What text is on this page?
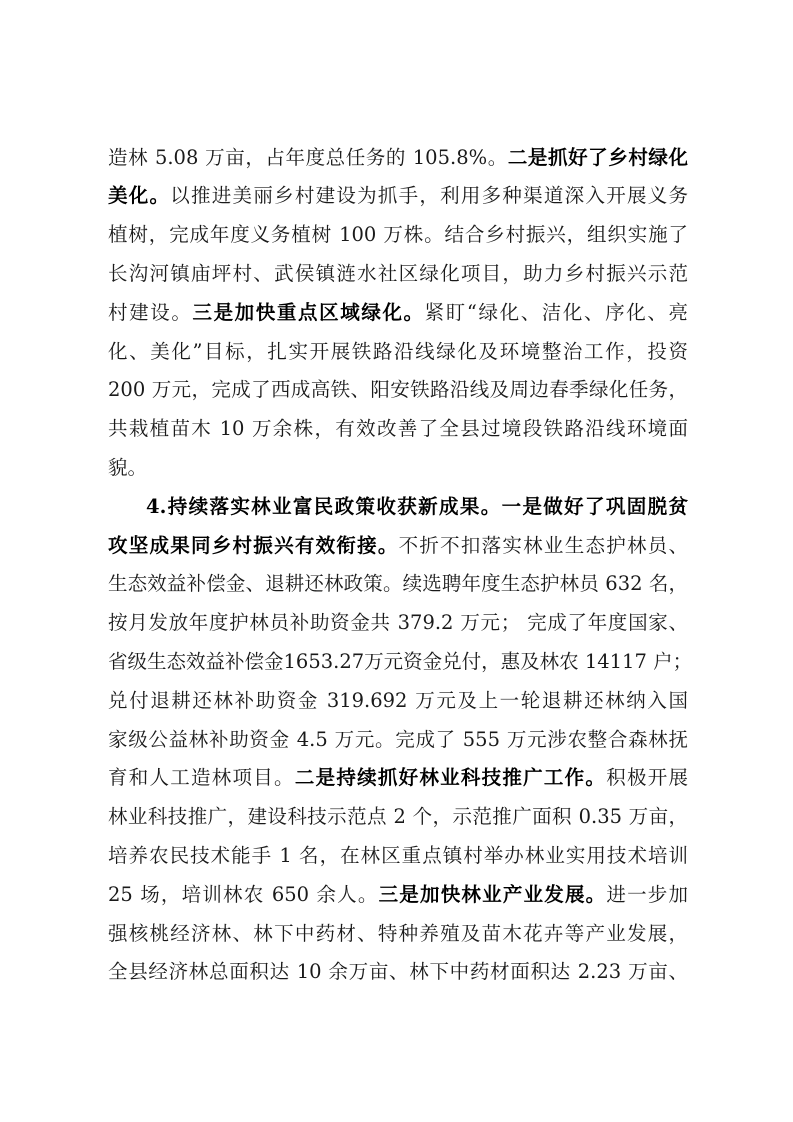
造林 5.08 万亩，占年度总任务的 105.8%。二是抓好了乡村绿化
美化。以推进美丽乡村建设为抓手，利用多种渠道深入开展义务
植树，完成年度义务植树 100 万株。结合乡村振兴，组织实施了
长沟河镇庙坪村、武侯镇涟水社区绿化项目，助力乡村振兴示范
村建设。三是加快重点区域绿化。紧盯“绿化、洁化、序化、亮
化、美化”目标，扎实开展铁路沿线绿化及环境整治工作，投资
200 万元，完成了西成高铁、阳安铁路沿线及周边春季绿化任务，
共栽植苗木 10 万余株，有效改善了全县过境段铁路沿线环境面
貌。
4.持续落实林业富民政策收获新成果。一是做好了巩固脱贫
攻坚成果同乡村振兴有效衔接。不折不扣落实林业生态护林员、
生态效益补偿金、退耕还林政策。续选聘年度生态护林员 632 名，
按月发放年度护林员补助资金共 379.2 万元； 完成了年度国家、
省级生态效益补偿金1653.27万元资金兑付，惠及林农 14117 户；
兑付退耕还林补助资金 319.692 万元及上一轮退耕还林纳入国
家级公益林补助资金 4.5 万元。完成了 555 万元涉农整合森林抚
育和人工造林项目。二是持续抓好林业科技推广工作。积极开展
林业科技推广，建设科技示范点 2 个，示范推广面积 0.35 万亩，
培养农民技术能手 1 名，在林区重点镇村举办林业实用技术培训
25 场，培训林农 650 余人。三是加快林业产业发展。进一步加
强核桃经济林、林下中药材、特种养殖及苗木花卉等产业发展，
全县经济林总面积达 10 余万亩、林下中药材面积达 2.23 万亩、
